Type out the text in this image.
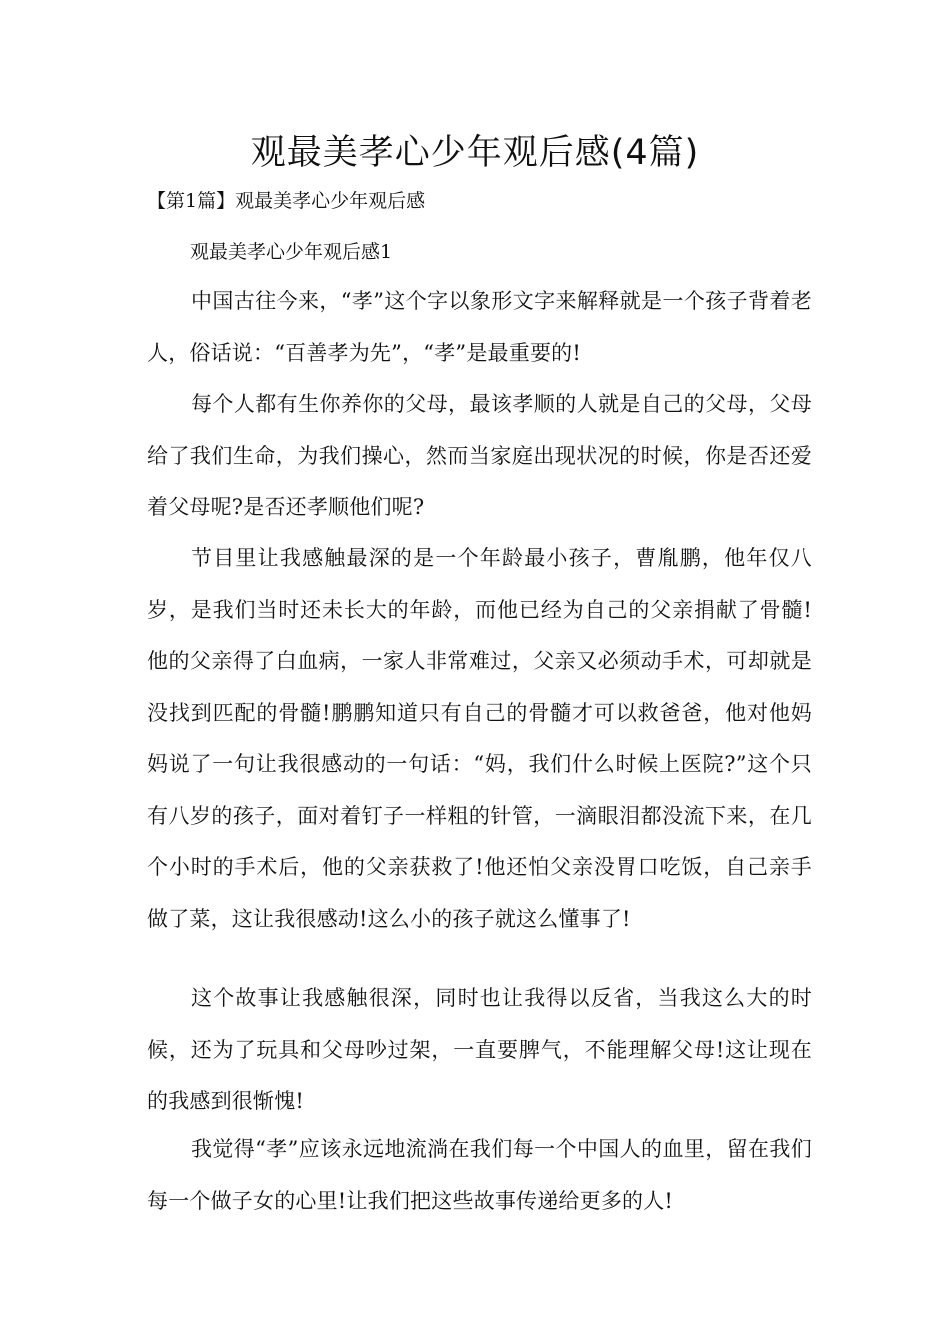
观最美孝心少年观后感(4篇)
【第1篇】观最美孝心少年观后感

观最美孝心少年观后感1

中国古往今来，“孝”这个字以象形文字来解释就是一个孩子背着老人，俗话说：“百善孝为先”，“孝”是最重要的!

每个人都有生你养你的父母，最该孝顺的人就是自己的父母，父母给了我们生命，为我们操心，然而当家庭出现状况的时候，你是否还爱着父母呢?是否还孝顺他们呢?

节目里让我感触最深的是一个年龄最小孩子，曹胤鹏，他年仅八岁，是我们当时还未长大的年龄，而他已经为自己的父亲捐献了骨髓!他的父亲得了白血病，一家人非常难过，父亲又必须动手术，可却就是没找到匹配的骨髓!鹏鹏知道只有自己的骨髓才可以救爸爸，他对他妈妈说了一句让我很感动的一句话：“妈，我们什么时候上医院?”这个只有八岁的孩子，面对着钉子一样粗的针管，一滴眼泪都没流下来，在几个小时的手术后，他的父亲获救了!他还怕父亲没胃口吃饭，自己亲手做了菜，这让我很感动!这么小的孩子就这么懂事了!

这个故事让我感触很深，同时也让我得以反省，当我这么大的时候，还为了玩具和父母吵过架，一直要脾气，不能理解父母!这让现在的我感到很惭愧!

我觉得“孝”应该永远地流淌在我们每一个中国人的血里，留在我们每一个做子女的心里!让我们把这些故事传递给更多的人!
